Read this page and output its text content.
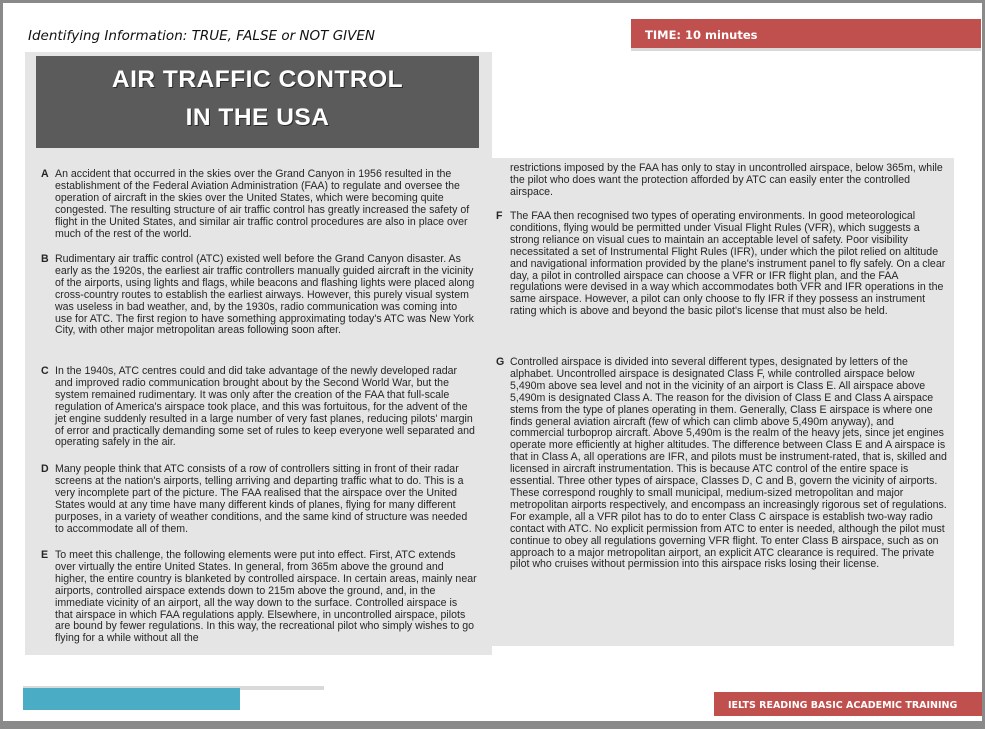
Identifying Information: TRUE, FALSE or NOT GIVEN	TIME: 10 minutes
AIR TRAFFIC CONTROL
IN THE USA
A An accident that occurred in the skies over the Grand Canyon in 1956 resulted in the establishment of the Federal Aviation Administration (FAA) to regulate and oversee the operation of aircraft in the skies over the United States, which were becoming quite congested. The resulting structure of air traffic control has greatly increased the safety of flight in the United States, and similar air traffic control procedures are also in place over much of the rest of the world.
B Rudimentary air traffic control (ATC) existed well before the Grand Canyon disaster. As early as the 1920s, the earliest air traffic controllers manually guided aircraft in the vicinity of the airports, using lights and flags, while beacons and flashing lights were placed along cross-country routes to establish the earliest airways. However, this purely visual system was useless in bad weather, and, by the 1930s, radio communication was coming into use for ATC. The first region to have something approximating today's ATC was New York City, with other major metropolitan areas following soon after.
C In the 1940s, ATC centres could and did take advantage of the newly developed radar and improved radio communication brought about by the Second World War, but the system remained rudimentary. It was only after the creation of the FAA that full-scale regulation of America's airspace took place, and this was fortuitous, for the advent of the jet engine suddenly resulted in a large number of very fast planes, reducing pilots' margin of error and practically demanding some set of rules to keep everyone well separated and operating safely in the air.
D Many people think that ATC consists of a row of controllers sitting in front of their radar screens at the nation's airports, telling arriving and departing traffic what to do. This is a very incomplete part of the picture. The FAA realised that the airspace over the United States would at any time have many different kinds of planes, flying for many different purposes, in a variety of weather conditions, and the same kind of structure was needed to accommodate all of them.
E To meet this challenge, the following elements were put into effect. First, ATC extends over virtually the entire United States. In general, from 365m above the ground and higher, the entire country is blanketed by controlled airspace. In certain areas, mainly near airports, controlled airspace extends down to 215m above the ground, and, in the immediate vicinity of an airport, all the way down to the surface. Controlled airspace is that airspace in which FAA regulations apply. Elsewhere, in uncontrolled airspace, pilots are bound by fewer regulations. In this way, the recreational pilot who simply wishes to go flying for a while without all the
restrictions imposed by the FAA has only to stay in uncontrolled airspace, below 365m, while the pilot who does want the protection afforded by ATC can easily enter the controlled airspace.
F The FAA then recognised two types of operating environments. In good meteorological conditions, flying would be permitted under Visual Flight Rules (VFR), which suggests a strong reliance on visual cues to maintain an acceptable level of safety. Poor visibility necessitated a set of Instrumental Flight Rules (IFR), under which the pilot relied on altitude and navigational information provided by the plane's instrument panel to fly safely. On a clear day, a pilot in controlled airspace can choose a VFR or IFR flight plan, and the FAA regulations were devised in a way which accommodates both VFR and IFR operations in the same airspace. However, a pilot can only choose to fly IFR if they possess an instrument rating which is above and beyond the basic pilot's license that must also be held.
G Controlled airspace is divided into several different types, designated by letters of the alphabet. Uncontrolled airspace is designated Class F, while controlled airspace below 5,490m above sea level and not in the vicinity of an airport is Class E. All airspace above 5,490m is designated Class A. The reason for the division of Class E and Class A airspace stems from the type of planes operating in them. Generally, Class E airspace is where one finds general aviation aircraft (few of which can climb above 5,490m anyway), and commercial turboprop aircraft. Above 5,490m is the realm of the heavy jets, since jet engines operate more efficiently at higher altitudes. The difference between Class E and A airspace is that in Class A, all operations are IFR, and pilots must be instrument-rated, that is, skilled and licensed in aircraft instrumentation. This is because ATC control of the entire space is essential. Three other types of airspace, Classes D, C and B, govern the vicinity of airports. These correspond roughly to small municipal, medium-sized metropolitan and major metropolitan airports respectively, and encompass an increasingly rigorous set of regulations. For example, all a VFR pilot has to do to enter Class C airspace is establish two-way radio contact with ATC. No explicit permission from ATC to enter is needed, although the pilot must continue to obey all regulations governing VFR flight. To enter Class B airspace, such as on approach to a major metropolitan airport, an explicit ATC clearance is required. The private pilot who cruises without permission into this airspace risks losing their license.
IELTS READING BASIC ACADEMIC TRAINING
